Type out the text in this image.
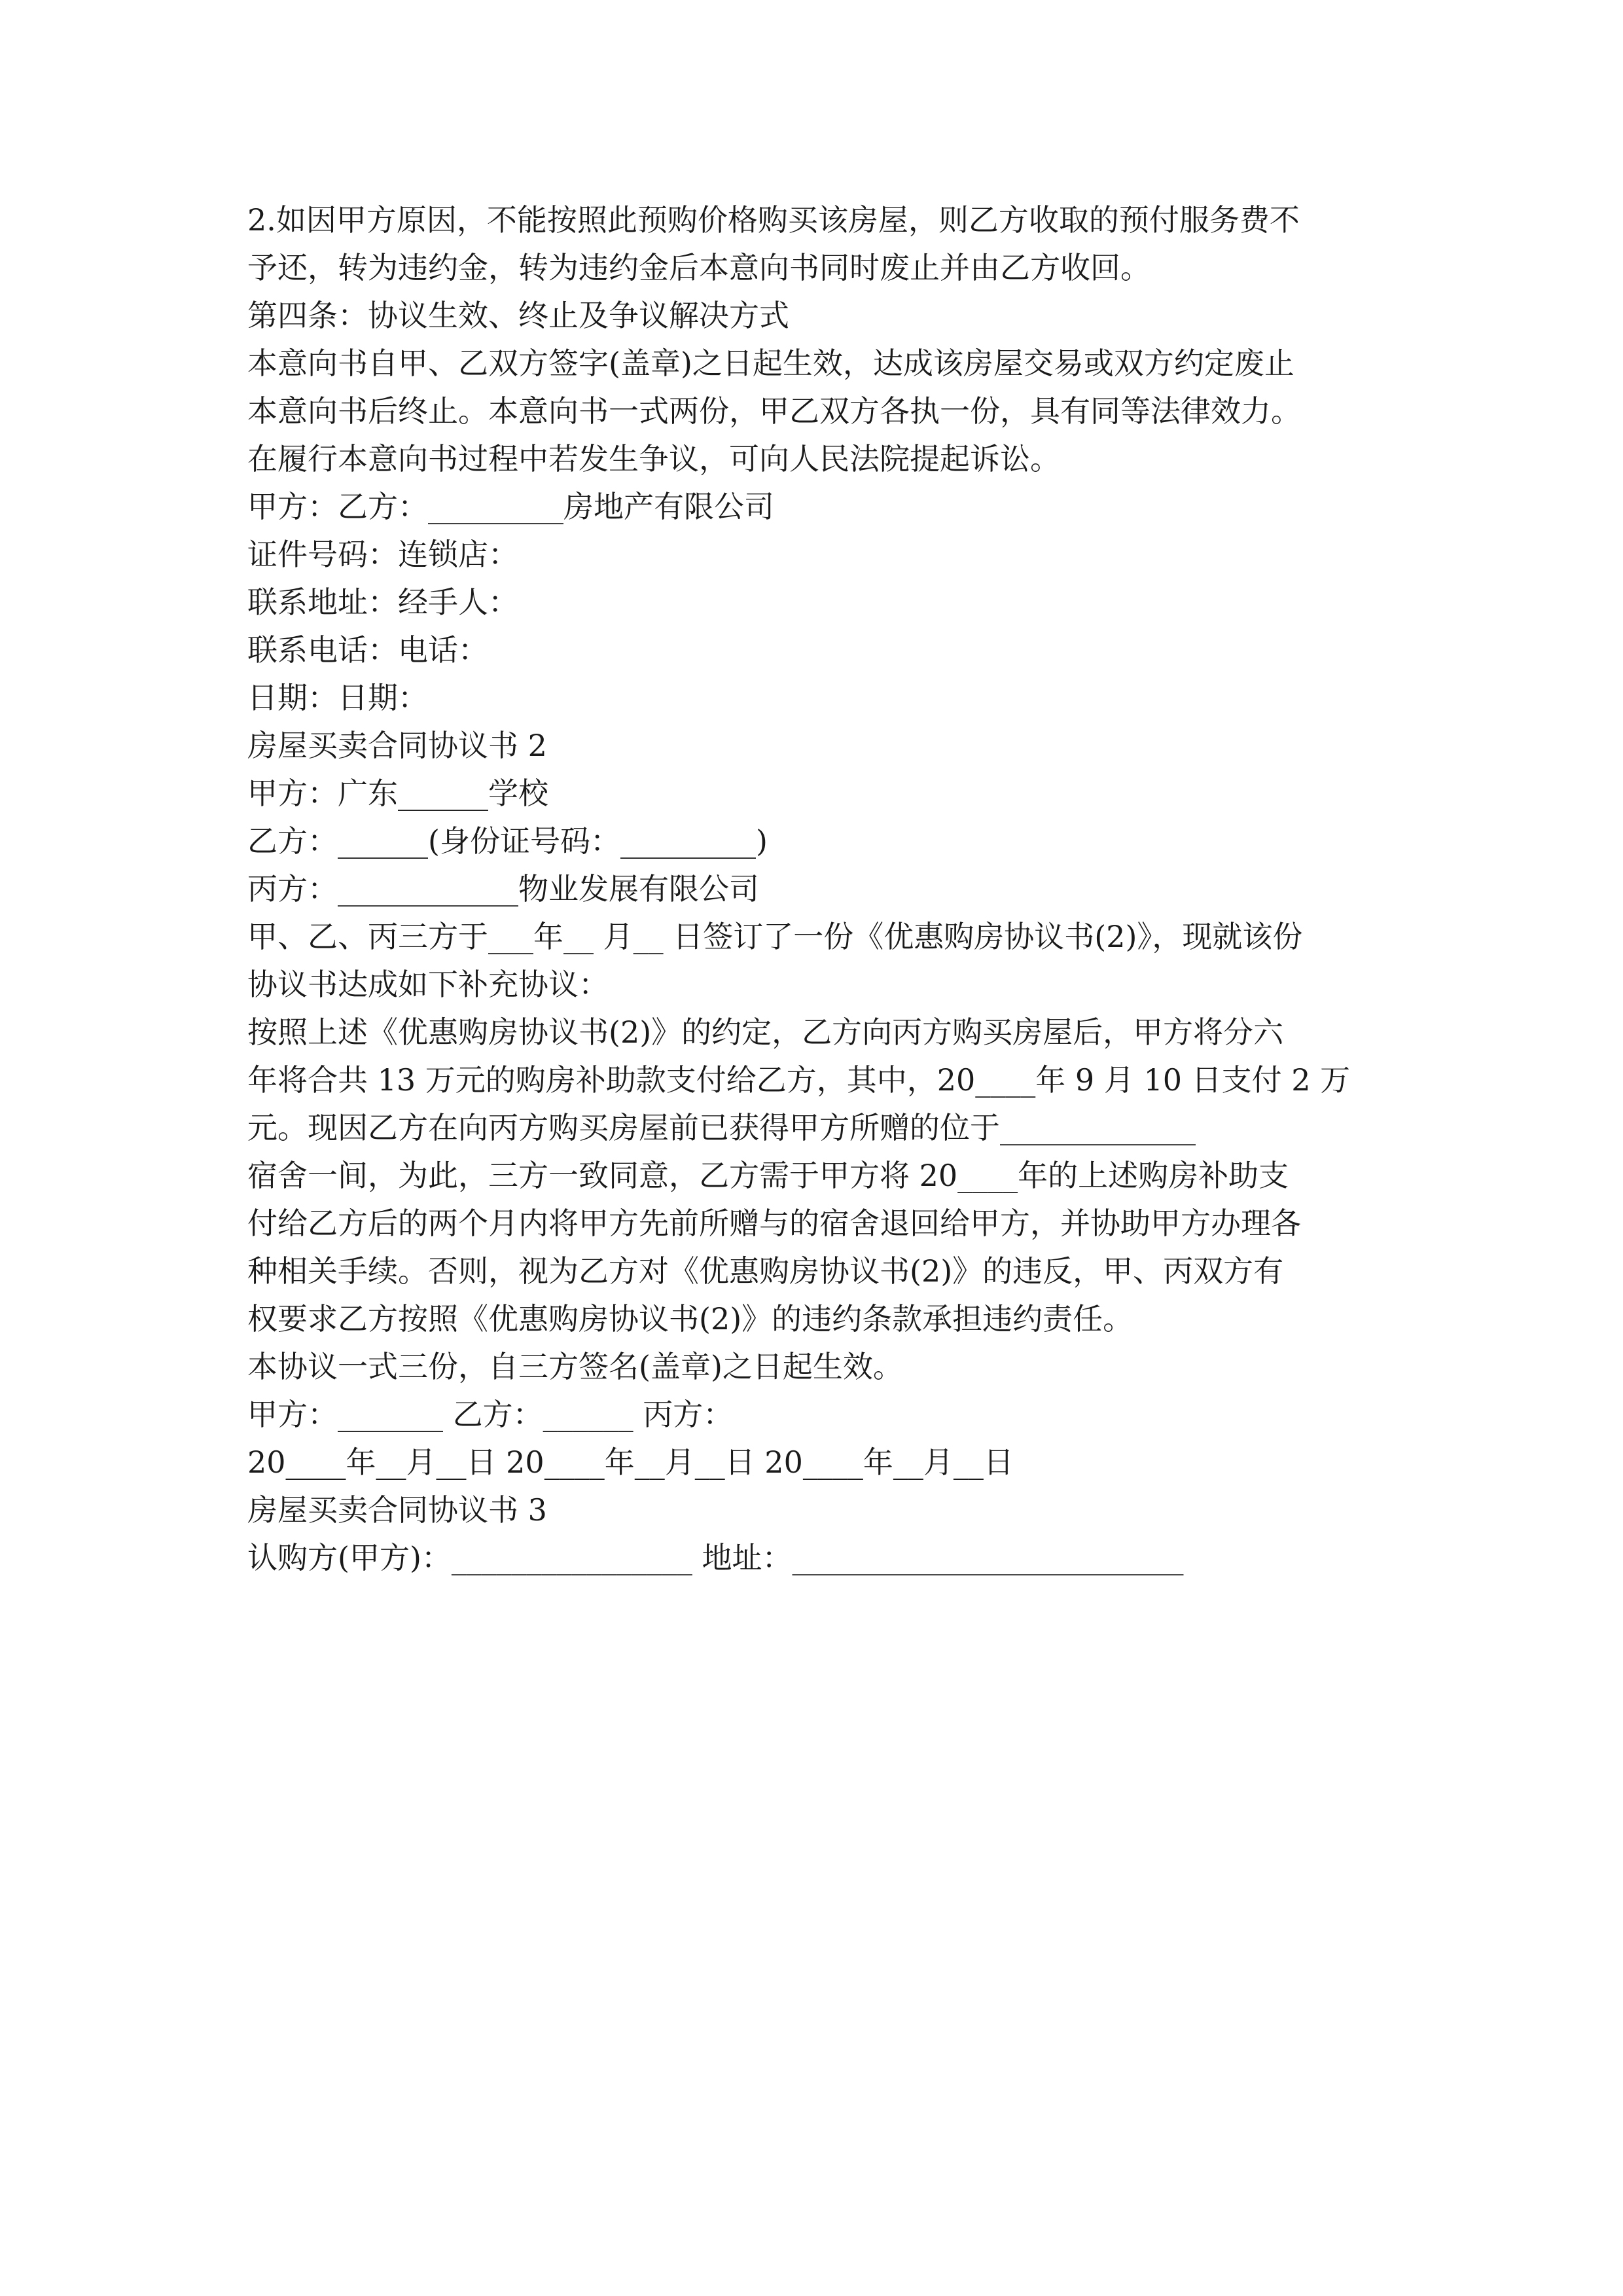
2.如因甲方原因，不能按照此预购价格购买该房屋，则乙方收取的预付服务费不
予还，转为违约金，转为违约金后本意向书同时废止并由乙方收回。
第四条：协议生效、终止及争议解决方式
本意向书自甲、乙双方签字(盖章)之日起生效，达成该房屋交易或双方约定废止
本意向书后终止。本意向书一式两份，甲乙双方各执一份，具有同等法律效力。
在履行本意向书过程中若发生争议，可向人民法院提起诉讼。
甲方：乙方：_________房地产有限公司
证件号码：连锁店：
联系地址：经手人：
联系电话：电话：
日期：日期：
房屋买卖合同协议书 2
甲方：广东______学校
乙方：______(身份证号码：_________)
丙方：____________物业发展有限公司
甲、乙、丙三方于___年__ 月__ 日签订了一份《优惠购房协议书(2)》，现就该份
协议书达成如下补充协议：
按照上述《优惠购房协议书(2)》的约定，乙方向丙方购买房屋后，甲方将分六
年将合共 13 万元的购房补助款支付给乙方，其中，20____年 9 月 10 日支付 2 万
元。现因乙方在向丙方购买房屋前已获得甲方所赠的位于_____________
宿舍一间，为此，三方一致同意，乙方需于甲方将 20____年的上述购房补助支
付给乙方后的两个月内将甲方先前所赠与的宿舍退回给甲方，并协助甲方办理各
种相关手续。否则，视为乙方对《优惠购房协议书(2)》的违反，甲、丙双方有
权要求乙方按照《优惠购房协议书(2)》的违约条款承担违约责任。
本协议一式三份，自三方签名(盖章)之日起生效。
甲方：_______ 乙方：______ 丙方：
20____年__月__日 20____年__月__日 20____年__月__日
房屋买卖合同协议书 3
认购方(甲方)：________________ 地址：__________________________
